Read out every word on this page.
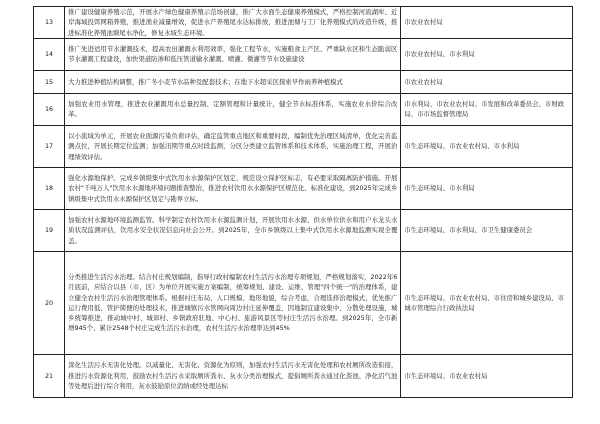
13	推广建设健康养殖示范，开展水产绿色健康养殖示范场创建，推广大水面生态健康养殖模式，严格控制河流湖库、近岸海域投饵网箱养殖，推进渔业减量增效，促进水产养殖尾水达标排放，推进池塘与工厂化养殖模式的改造升级，推进标准化养殖池塘尾水净化，修复水域生态环境。	市农业农村局
14	推广先进适用节水灌溉技术，提高农田灌溉水利用效率，强化工程节水，实施粮食主产区、严重缺水区和生态脆弱区节水灌溉工程建设，加快渠道防渗和低压管道输水灌溉、喷灌、微灌等节水设施建设	市农业农村局、市水利局
15	大力推进种植结构调整，推广冬小麦节水品种及配套技术；在地下水超采区探索早作雨养种植模式	市农业农村局
16	加强农业用水管理，推进农业灌溉用水总量控制、定额管理和计量统计，健全节水标准体系，实施农业水价综合改革。	市水利局、市农业农村局、市发展和改革委员会、市财政局、市市场监督管理局
17	以小流域为单元，开展农业面源污染负荷评估，确定监管重点地区和重要时段，编制优先治理区域清单，优化完善监测点位，开展长期定位监测；加强汛期等重点时段监测，分区分类建立监管体系和技术体系，实施治理工程，开展治理绩效评估。	市生态环境局、市农业农村局、市水利局
18	强化水源地保护。完成乡镇级集中式饮用水水源保护区划定，规范设立保护区标志，有必要采取隔离防护措施。开展农村"千吨万人"饮用水水源地环境问题排查整治，推进农村饮用水水源保护区规范化、标准化建设，到2025年完成乡镇级集中式饮用水水源保护区划定与勘界立标。	市生态环境局、市水利局
19	加强农村水源地环境监测监管。科学制定农村饮用水水源监测计划，开展饮用水水源、供水单位供水和用户水龙头水质状况监测评估，饮用水安全状况信息向社会公开。到2025年，全市乡镇级以上集中式饮用水水源地监测实现全覆盖。	市生态环境局、市水利局、市卫生健康委员会
20	分类推进生活污水治理。结合村庄规划编制，指导行政村编制农村生活污水治理专项规划，严格规划落实，2022年6月底前，应结合以县（市、区）为单位开展实施方案编制，统筹规划、建设、运维、管理"四个统一"的治理体系，建立健全农村生活污水治理管理体系。根据村庄布局、人口规模、地形地貌，综合考虑，合理选择治理模式，优先推广运行费用低、管护简便的处理技术，推进城镇污水管网向周边村庄延伸覆盖，因地制宜建设集中、分散处理设施，城乡统筹推进，推动城中村、城郊村、乡镇政府驻地、中心村、旅游风景区等村庄生活污水治理。到2025年，全市新增945个、累计2548个村庄完成生活污水治理，农村生活污水治理率达到45%	市生态环境局、市农业农村局、市住房和城乡建设局、市城市管理综合行政执法局
21	深化生活污水无害化处理。以减量化、无害化、资源化为原则，加强农村生活污水无害化处理和农村厕所改造衔接，推进污水资源化利用，鼓励农村生活污水采取厕所粪水、灰水分类治理模式，提倡厕所粪水通过化粪池、净化沼气池等处理后进行综合利用，灰水鼓励原位消纳或经处理达标	市生态环境局、市农业农村局
